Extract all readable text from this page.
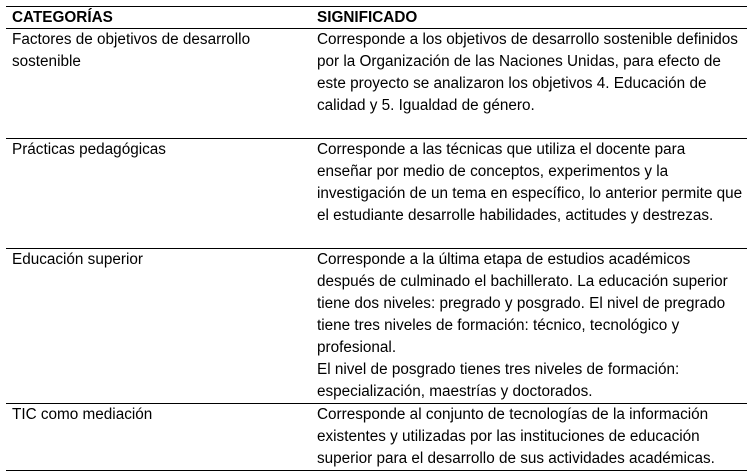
CATEGORÍAS	SIGNIFICADO
Factores de objetivos de desarrollo sostenible	Corresponde a los objetivos de desarrollo sostenible definidos por la Organización de las Naciones Unidas, para efecto de este proyecto se analizaron los objetivos 4. Educación de calidad y 5. Igualdad de género.

Prácticas pedagógicas	Corresponde a las técnicas que utiliza el docente para enseñar por medio de conceptos, experimentos y la investigación de un tema en específico, lo anterior permite que el estudiante desarrolle habilidades, actitudes y destrezas.

Educación superior	Corresponde a la última etapa de estudios académicos después de culminado el bachillerato. La educación superior tiene dos niveles: pregrado y posgrado. El nivel de pregrado tiene tres niveles de formación: técnico, tecnológico y profesional.
El nivel de posgrado tienes tres niveles de formación: especialización, maestrías y doctorados.

TIC como mediación	Corresponde al conjunto de tecnologías de la información existentes y utilizadas por las instituciones de educación superior para el desarrollo de sus actividades académicas.
